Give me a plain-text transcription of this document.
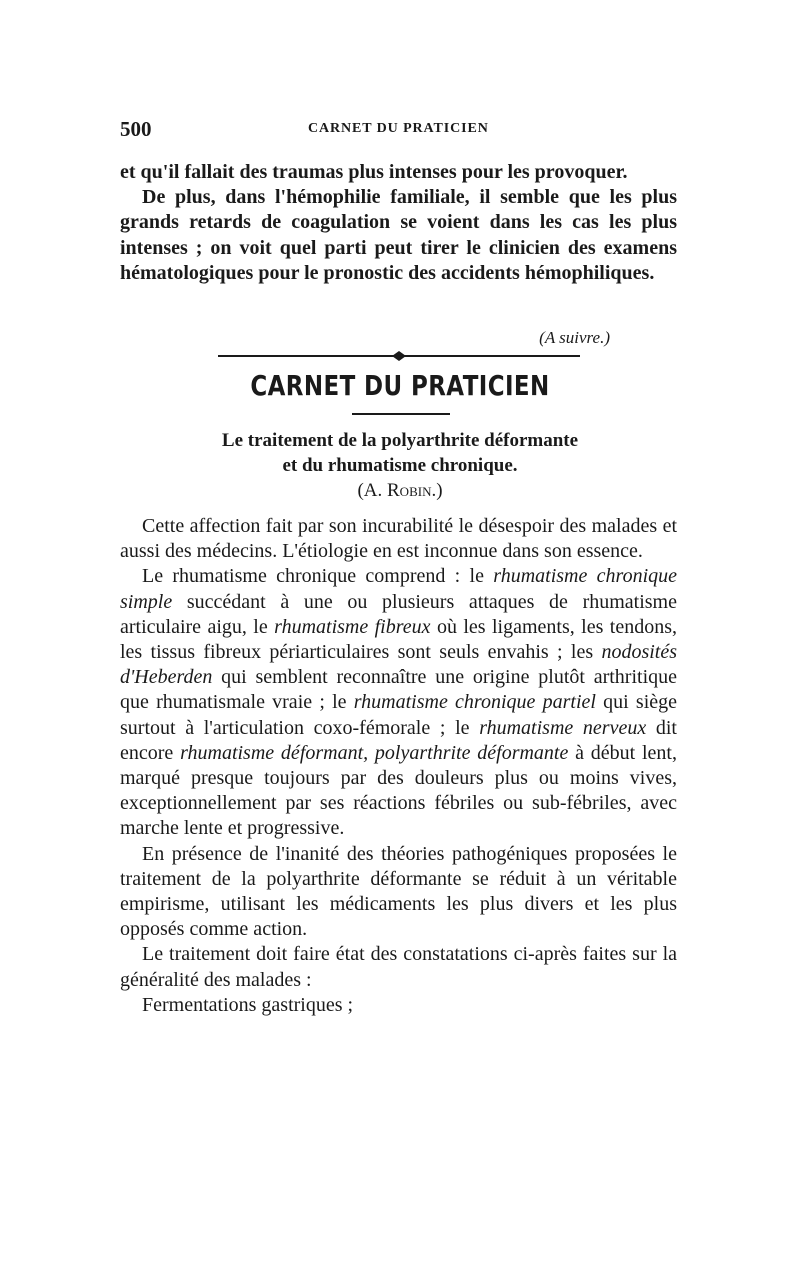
500	CARNET DU PRATICIEN

et qu'il fallait des traumas plus intenses pour les provoquer.

De plus, dans l'hémophilie familiale, il semble que les plus grands retards de coagulation se voient dans les cas les plus intenses ; on voit quel parti peut tirer le clinicien des examens hématologiques pour le pronostic des accidents hémophiliques.

(A suivre.)
CARNET DU PRATICIEN
Le traitement de la polyarthrite déformante
et du rhumatisme chronique.
(A. Robin.)

Cette affection fait par son incurabilité le désespoir des malades et aussi des médecins. L'étiologie en est inconnue dans son essence.

Le rhumatisme chronique comprend : le rhumatisme chronique simple succédant à une ou plusieurs attaques de rhumatisme articulaire aigu, le rhumatisme fibreux où les ligaments, les tendons, les tissus fibreux périarticulaires sont seuls envahis ; les nodosités d'Heberden qui semblent reconnaître une origine plutôt arthritique que rhumatismale vraie ; le rhumatisme chronique partiel qui siège surtout à l'articulation coxo-fémorale ; le rhumatisme nerveux dit encore rhumatisme déformant, polyarthrite déformante à début lent, marqué presque toujours par des douleurs plus ou moins vives, exceptionnellement par ses réactions fébriles ou sub-fébriles, avec marche lente et progressive.

En présence de l'inanité des théories pathogéniques proposées le traitement de la polyarthrite déformante se réduit à un véritable empirisme, utilisant les médicaments les plus divers et les plus opposés comme action.

Le traitement doit faire état des constatations ci-après faites sur la généralité des malades :

Fermentations gastriques ;
